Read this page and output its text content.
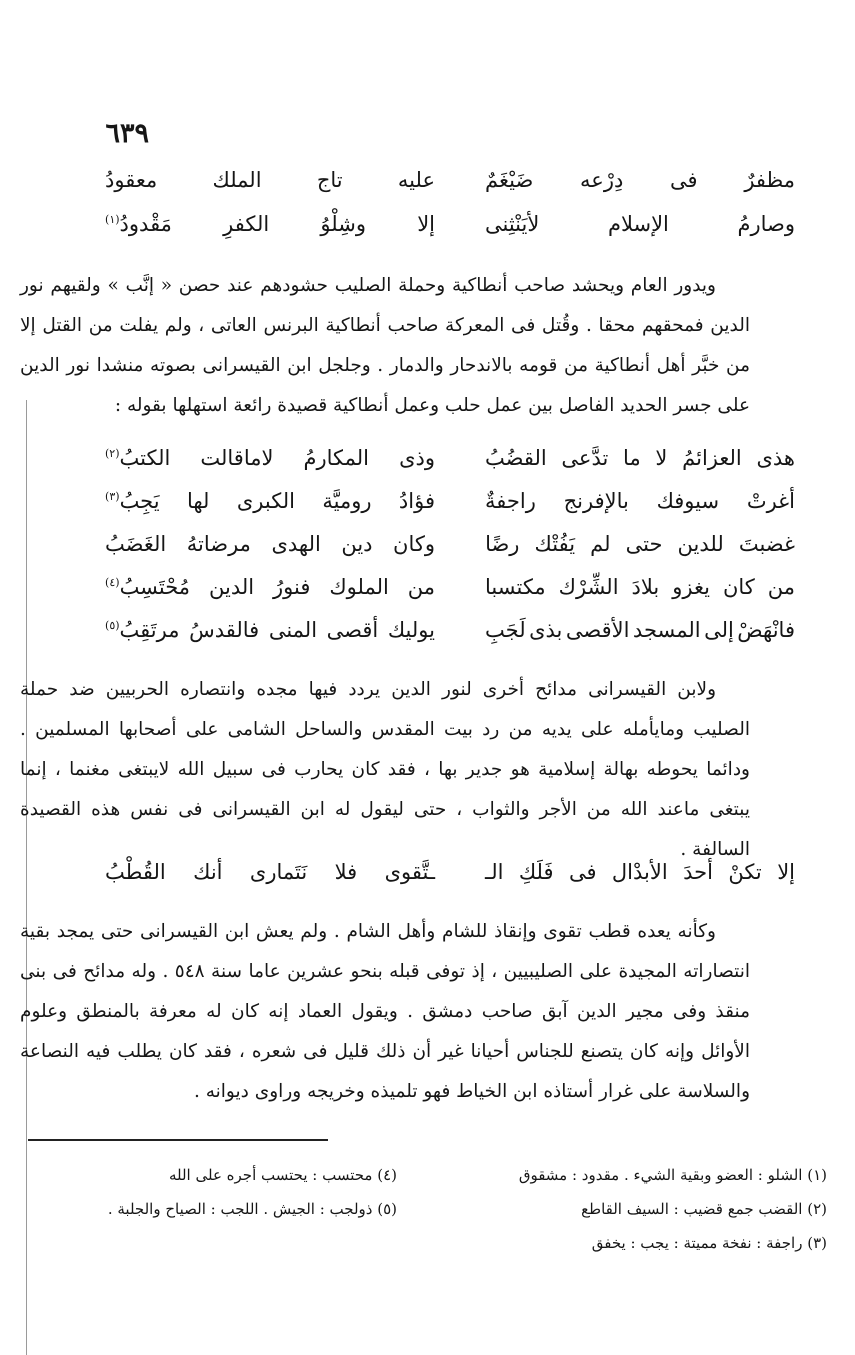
٦٣٩
مظفرٌ
فى
دِرْعه
ضَيْغَمٌ
عليه
تاج
الملك
معقودُ
وصارمُ
الإسلام
لأيَنْثِنى
إلا
وشِلْوُ
الكفرِ
مَقْدودُ$^{(١)}$

ويدور العام ويحشد صاحب أنطاكية وحملة الصليب حشودهم عند حصن « إنَّب » ولقيهم نور الدين فمحقهم محقا . وقُتل فى المعركة صاحب أنطاكية البرنس العاتى ، ولم يفلت من القتل إلا من خبَّر أهل أنطاكية من قومه بالاندحار والدمار . وجلجل ابن القيسرانى بصوته منشدا نور الدين على جسر الحديد الفاصل بين عمل حلب وعمل أنطاكية قصيدة رائعة استهلها بقوله :

هذى
العزائمُ
لا
ما
تدَّعى
القضُبُ
وذى
المكارمُ
لاماقالت
الكتبُ$^{(٢)}$
أغرتْ
سيوفك
بالإفرنج
راجفةٌ
فؤادُ
روميَّة
الكبرى
لها
يَجِبُ$^{(٣)}$
غضبتَ
للدين
حتى
لم
يَفُتْك
رضًا
وكان
دين
الهدى
مرضاتهُ
الغَضَبُ
من
كان
يغزو
بلادَ
الشِّرْك
مكتسبا
من
الملوك
فنورُ
الدين
مُحْتَسِبُ$^{(٤)}$
فانْهَضْ
إلى
المسجد
الأقصى
بذى
لَجَبِ
يوليك
أقصى
المنى
فالقدسُ
مرتَقِبُ$^{(٥)}$

ولابن القيسرانى مدائح أخرى لنور الدين يردد فيها مجده وانتصاره الحربيين ضد حملة الصليب ومايأمله على يديه من رد بيت المقدس والساحل الشامى على أصحابها المسلمين . ودائما يحوطه بهالة إسلامية هو جدير بها ، فقد كان يحارب فى سبيل الله لايبتغى مغنما ، إنما يبتغى ماعند الله من الأجر والثواب ، حتى ليقول له ابن القيسرانى فى نفس هذه القصيدة السالفة .

إلا
تكنْ
أحدَ
الأبدْال
فى
فَلَكِ
الـ
ـتَّقوى
فلا
نَتَمارى
أنك
القُطْبُ

وكأنه يعده قطب تقوى وإنقاذ للشام وأهل الشام . ولم يعش ابن القيسرانى حتى يمجد بقية انتصاراته المجيدة على الصليبيين ، إذ توفى قبله بنحو عشرين عاما سنة ٥٤٨ . وله مدائح فى بنى منقذ وفى مجير الدين آبق صاحب دمشق . ويقول العماد إنه كان له معرفة بالمنطق وعلوم الأوائل وإنه كان يتصنع للجناس أحيانا غير أن ذلك قليل فى شعره ، فقد كان يطلب فيه النصاعة والسلاسة على غرار أستاذه ابن الخياط فهو تلميذه وخريجه وراوى ديوانه .

(١) الشلو : العضو وبقية الشيء . مقدود : مشقوق
(٢) القضب جمع قضيب : السيف القاطع
(٣) راجفة : نفخة مميتة : يجب : يخفق
(٤) محتسب : يحتسب أجره على الله
(٥) ذولجب : الجيش . اللجب : الصياح والجلبة .
